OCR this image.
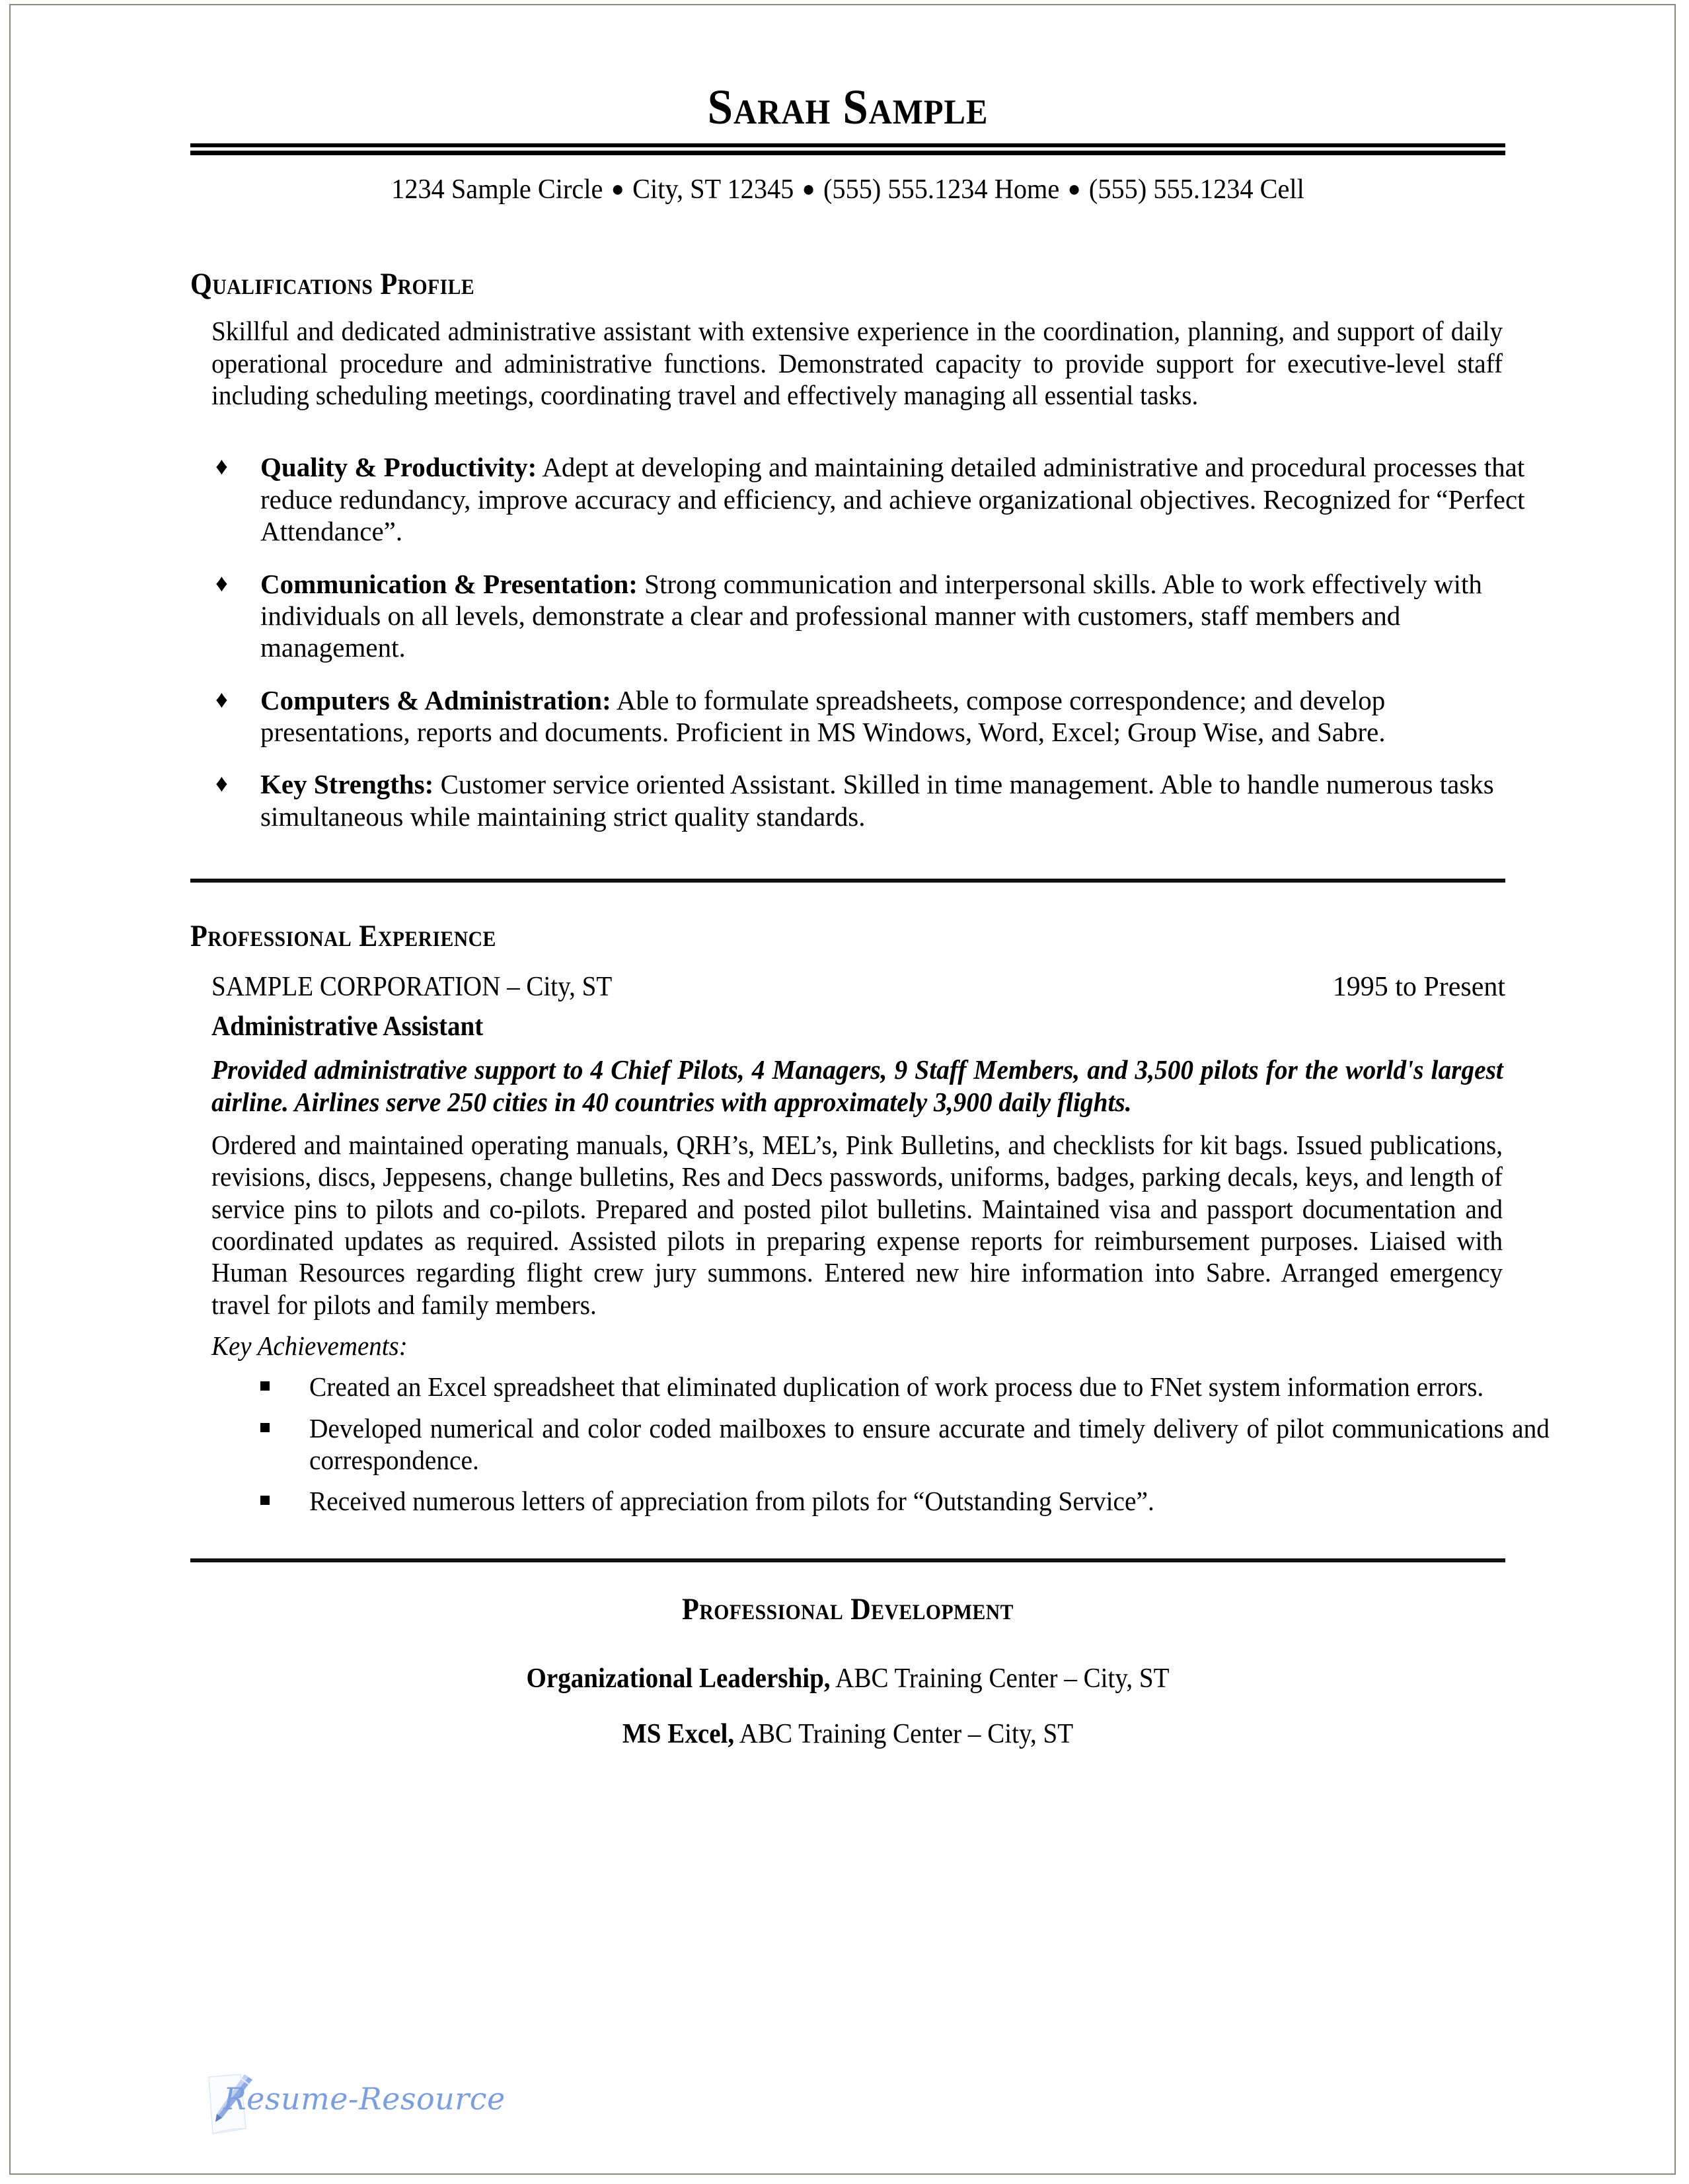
Sarah Sample
1234 Sample Circle ● City, ST 12345 ● (555) 555.1234 Home ● (555) 555.1234 Cell
Qualifications Profile

Skillful and dedicated administrative assistant with extensive experience in the coordination, planning, and support of daily operational procedure and administrative functions. Demonstrated capacity to provide support for executive-level staff including scheduling meetings, coordinating travel and effectively managing all essential tasks.

♦ Quality & Productivity: Adept at developing and maintaining detailed administrative and procedural processes that reduce redundancy, improve accuracy and efficiency, and achieve organizational objectives. Recognized for “Perfect Attendance”.
♦ Communication & Presentation: Strong communication and interpersonal skills. Able to work effectively with individuals on all levels, demonstrate a clear and professional manner with customers, staff members and management.
♦ Computers & Administration: Able to formulate spreadsheets, compose correspondence; and develop presentations, reports and documents. Proficient in MS Windows, Word, Excel; Group Wise, and Sabre.
♦ Key Strengths: Customer service oriented Assistant. Skilled in time management. Able to handle numerous tasks simultaneous while maintaining strict quality standards.
Professional Experience
SAMPLE CORPORATION – City, ST	1995 to Present
Administrative Assistant

Provided administrative support to 4 Chief Pilots, 4 Managers, 9 Staff Members, and 3,500 pilots for the world's largest airline. Airlines serve 250 cities in 40 countries with approximately 3,900 daily flights.

Ordered and maintained operating manuals, QRH’s, MEL’s, Pink Bulletins, and checklists for kit bags. Issued publications, revisions, discs, Jeppesens, change bulletins, Res and Decs passwords, uniforms, badges, parking decals, keys, and length of service pins to pilots and co-pilots. Prepared and posted pilot bulletins. Maintained visa and passport documentation and coordinated updates as required. Assisted pilots in preparing expense reports for reimbursement purposes. Liaised with Human Resources regarding flight crew jury summons. Entered new hire information into Sabre. Arranged emergency travel for pilots and family members.

Key Achievements:

Created an Excel spreadsheet that eliminated duplication of work process due to FNet system information errors.
Developed numerical and color coded mailboxes to ensure accurate and timely delivery of pilot communications and correspondence.
Received numerous letters of appreciation from pilots for “Outstanding Service”.
Professional Development

Organizational Leadership, ABC Training Center – City, ST

MS Excel, ABC Training Center – City, ST

Resume-Resource
